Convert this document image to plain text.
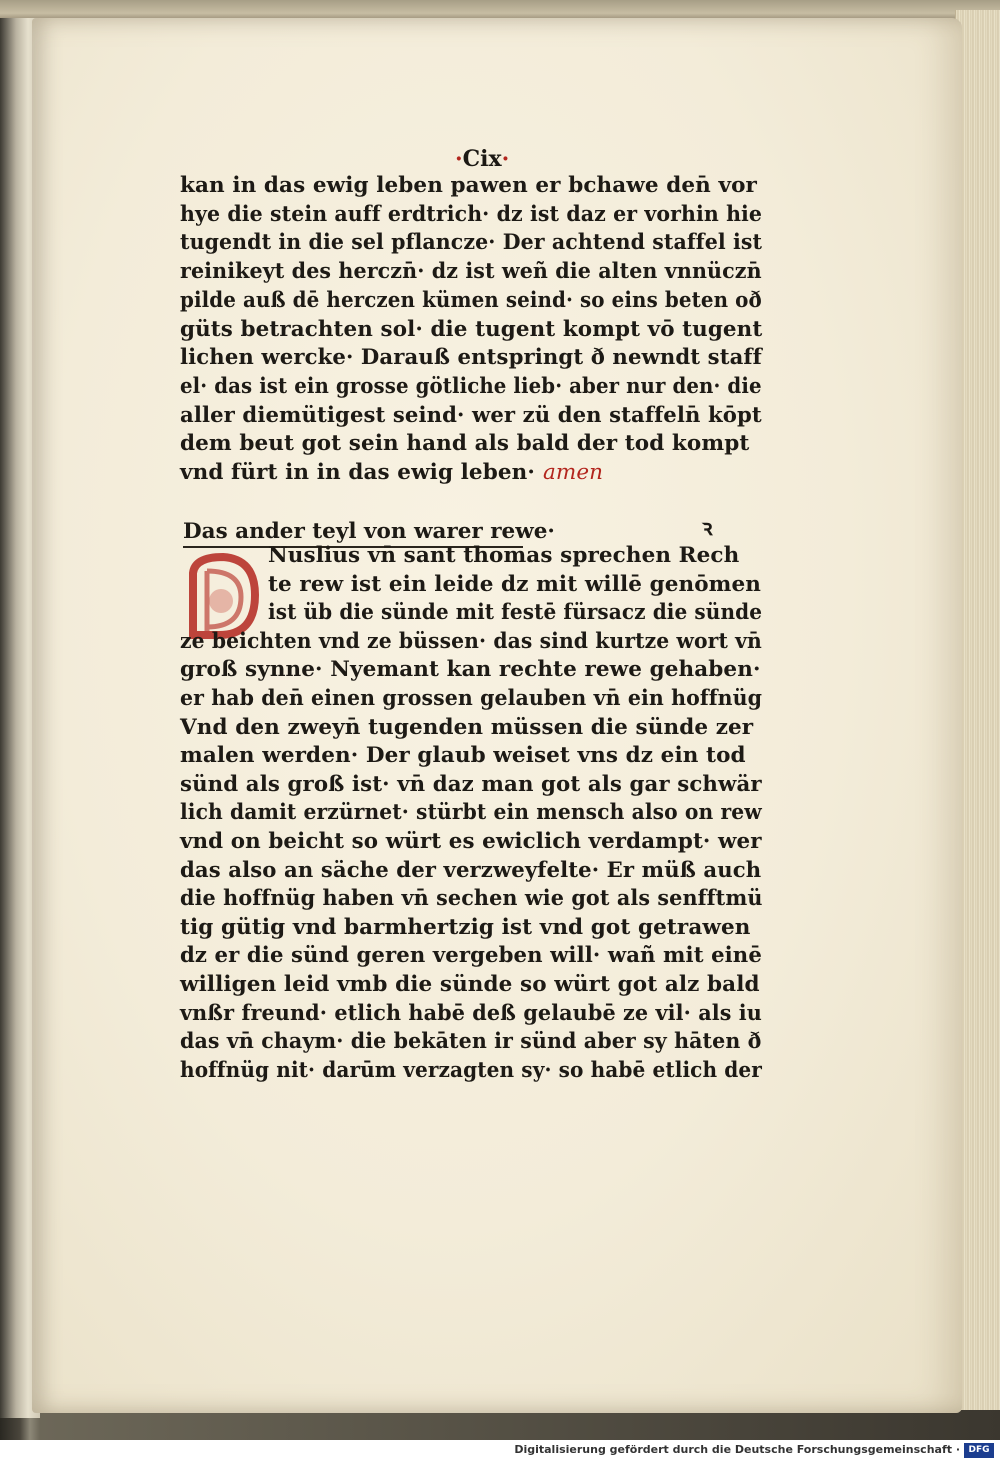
·Cix·
kan in das ewig leben pawen er bchawe den̄ vor
hye die stein auff erdtrich· dz ist daz er vorhin hie
tugendt in die sel pflancze· Der achtend staffel ist
reinikeyt des herczn̄· dz ist weñ die alten vnnüczn̄
pilde auß dē herczen kümen seind· so eins beten oð
güts betrachten sol· die tugent kompt vō tugent
lichen wercke· Darauß entspringt ð newndt staff
el· das ist ein grosse götliche lieb· aber nur den· die
aller diemütigest seind· wer zü den staffeln̄ kōpt
dem beut got sein hand als bald der tod kompt
vnd fürt in in das ewig leben· amen
Das ander teyl von warer rewe·	ꝛ
Nuslius vn̄ sant thomas sprechen Rech
te rew ist ein leide dz mit willē genōmen
ist üb die sünde mit festē fürsacz die sünde
ze beichten vnd ze büssen· das sind kurtze wort vn̄
groß synne· Nyemant kan rechte rewe gehaben·
er hab den̄ einen grossen gelauben vn̄ ein hoffnüg
Vnd den zweyn̄ tugenden müssen die sünde zer
malen werden· Der glaub weiset vns dz ein tod
sünd als groß ist· vn̄ daz man got als gar schwär
lich damit erzürnet· stürbt ein mensch also on rew
vnd on beicht so würt es ewiclich verdampt· wer
das also an säche der verzweyfelte· Er müß auch
die hoffnüg haben vn̄ sechen wie got als senfftmü
tig gütig vnd barmhertzig ist vnd got getrawen
dz er die sünd geren vergeben will· wañ mit einē
willigen leid vmb die sünde so würt got alz bald
vnßr freund· etlich habē deß gelaubē ze vil· als iu
das vn̄ chaym· die bekāten ir sünd aber sy hāten ð
hoffnüg nit· darūm verzagten sy· so habē etlich der
Digitalisierung gefördert durch die Deutsche Forschungsgemeinschaft · DFG
